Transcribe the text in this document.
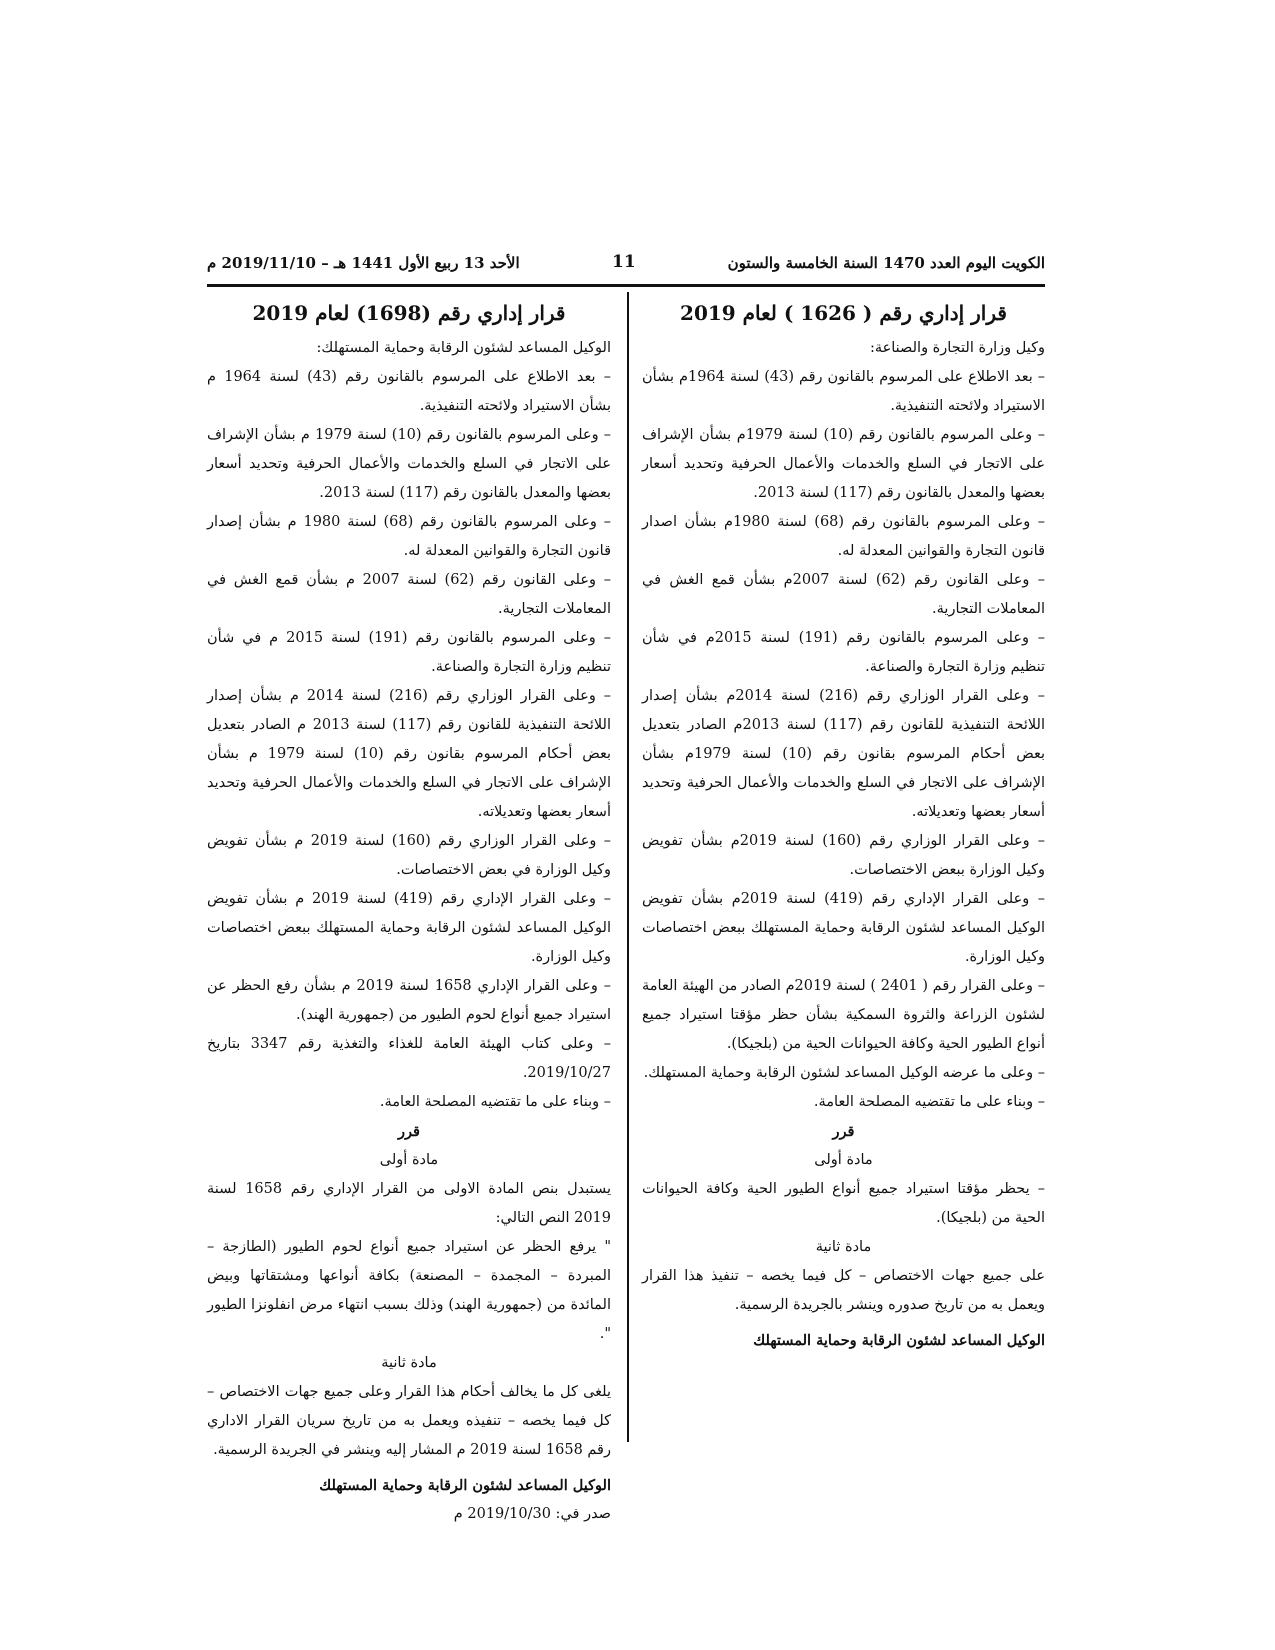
الكويت اليوم العدد 1470 السنة الخامسة والستون
11
الأحد 13 ربيع الأول 1441 هـ – 2019/11/10 م
قرار إداري رقم ( 1626 ) لعام 2019

وكيل وزارة التجارة والصناعة:

– بعد الاطلاع على المرسوم بالقانون رقم (43) لسنة 1964م بشأن الاستيراد ولائحته التنفيذية.

– وعلى المرسوم بالقانون رقم (10) لسنة 1979م بشأن الإشراف على الاتجار في السلع والخدمات والأعمال الحرفية وتحديد أسعار بعضها والمعدل بالقانون رقم (117) لسنة 2013.

– وعلى المرسوم بالقانون رقم (68) لسنة 1980م بشأن اصدار قانون التجارة والقوانين المعدلة له.

– وعلى القانون رقم (62) لسنة 2007م بشأن قمع الغش في المعاملات التجارية.

– وعلى المرسوم بالقانون رقم (191) لسنة 2015م في شأن تنظيم وزارة التجارة والصناعة.

– وعلى القرار الوزاري رقم (216) لسنة 2014م بشأن إصدار اللائحة التنفيذية للقانون رقم (117) لسنة 2013م الصادر بتعديل بعض أحكام المرسوم بقانون رقم (10) لسنة 1979م بشأن الإشراف على الاتجار في السلع والخدمات والأعمال الحرفية وتحديد أسعار بعضها وتعديلاته.

– وعلى القرار الوزاري رقم (160) لسنة 2019م بشأن تفويض وكيل الوزارة ببعض الاختصاصات.

– وعلى القرار الإداري رقم (419) لسنة 2019م بشأن تفويض الوكيل المساعد لشئون الرقابة وحماية المستهلك ببعض اختصاصات وكيل الوزارة.

– وعلى القرار رقم ( 2401 ) لسنة 2019م الصادر من الهيئة العامة لشئون الزراعة والثروة السمكية بشأن حظر مؤقتا استيراد جميع أنواع الطيور الحية وكافة الحيوانات الحية من (بلجيكا).

– وعلى ما عرضه الوكيل المساعد لشئون الرقابة وحماية المستهلك.

– وبناء على ما تقتضيه المصلحة العامة.

قرر

مادة أولى

– يحظر مؤقتا استيراد جميع أنواع الطيور الحية وكافة الحيوانات الحية من (بلجيكا).

مادة ثانية

على جميع جهات الاختصاص – كل فيما يخصه – تنفيذ هذا القرار ويعمل به من تاريخ صدوره وينشر بالجريدة الرسمية.

الوكيل المساعد لشئون الرقابة وحماية المستهلك

قرار إداري رقم (1698) لعام 2019

الوكيل المساعد لشئون الرقابة وحماية المستهلك:

– بعد الاطلاع على المرسوم بالقانون رقم (43) لسنة 1964 م بشأن الاستيراد ولائحته التنفيذية.

– وعلى المرسوم بالقانون رقم (10) لسنة 1979 م بشأن الإشراف على الاتجار في السلع والخدمات والأعمال الحرفية وتحديد أسعار بعضها والمعدل بالقانون رقم (117) لسنة 2013.

– وعلى المرسوم بالقانون رقم (68) لسنة 1980 م بشأن إصدار قانون التجارة والقوانين المعدلة له.

– وعلى القانون رقم (62) لسنة 2007 م بشأن قمع الغش في المعاملات التجارية.

– وعلى المرسوم بالقانون رقم (191) لسنة 2015 م في شأن تنظيم وزارة التجارة والصناعة.

– وعلى القرار الوزاري رقم (216) لسنة 2014 م بشأن إصدار اللائحة التنفيذية للقانون رقم (117) لسنة 2013 م الصادر بتعديل بعض أحكام المرسوم بقانون رقم (10) لسنة 1979 م بشأن الإشراف على الاتجار في السلع والخدمات والأعمال الحرفية وتحديد أسعار بعضها وتعديلاته.

– وعلى القرار الوزاري رقم (160) لسنة 2019 م بشأن تفويض وكيل الوزارة في بعض الاختصاصات.

– وعلى القرار الإداري رقم (419) لسنة 2019 م بشأن تفويض الوكيل المساعد لشئون الرقابة وحماية المستهلك ببعض اختصاصات وكيل الوزارة.

– وعلى القرار الإداري 1658 لسنة 2019 م بشأن رفع الحظر عن استيراد جميع أنواع لحوم الطيور من (جمهورية الهند).

– وعلى كتاب الهيئة العامة للغذاء والتغذية رقم 3347 بتاريخ 2019/10/27.

– وبناء على ما تقتضيه المصلحة العامة.

قرر

مادة أولى

يستبدل بنص المادة الاولى من القرار الإداري رقم 1658 لسنة 2019 النص التالي:

" يرفع الحظر عن استيراد جميع أنواع لحوم الطيور (الطازجة – المبردة – المجمدة – المصنعة) بكافة أنواعها ومشتقاتها وبيض المائدة من (جمهورية الهند) وذلك بسبب انتهاء مرض انفلونزا الطيور ".

مادة ثانية

يلغى كل ما يخالف أحكام هذا القرار وعلى جميع جهات الاختصاص – كل فيما يخصه – تنفيذه ويعمل به من تاريخ سريان القرار الاداري رقم 1658 لسنة 2019 م المشار إليه وينشر في الجريدة الرسمية.

الوكيل المساعد لشئون الرقابة وحماية المستهلك

صدر في: 2019/10/30 م
